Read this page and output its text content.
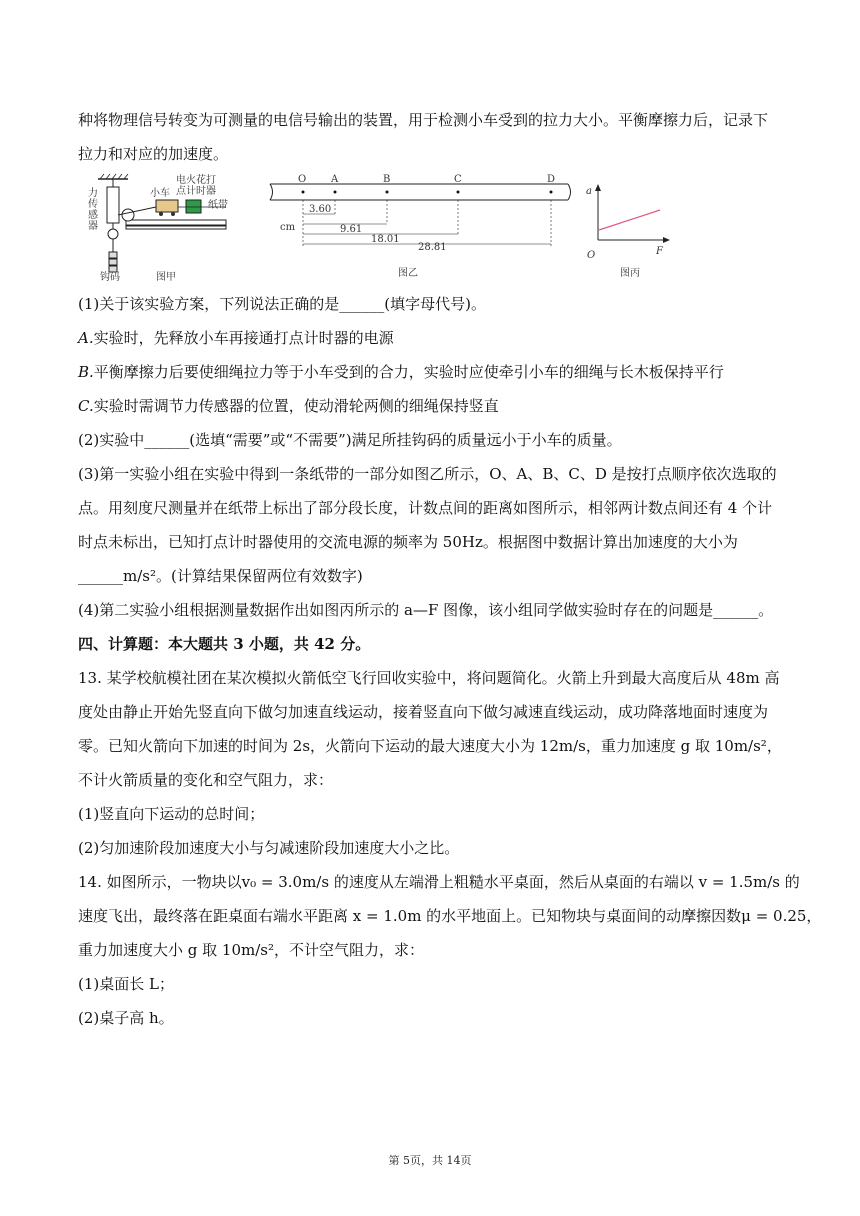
种将物理信号转变为可测量的电信号输出的装置，用于检测小车受到的拉力大小。平衡摩擦力后，记录下
拉力和对应的加速度。
力
传
感
器
小车
电火花打
点计时器
纸带
钩码	图甲
O A	B	C	D
cm
3.60
9.61
18.01
28.81
图乙
a
F
O
图丙
(1)关于该实验方案，下列说法正确的是______(填字母代号)。
A.实验时，先释放小车再接通打点计时器的电源
B.平衡摩擦力后要使细绳拉力等于小车受到的合力，实验时应使牵引小车的细绳与长木板保持平行
C.实验时需调节力传感器的位置，使动滑轮两侧的细绳保持竖直
(2)实验中______(选填“需要”或“不需要”)满足所挂钩码的质量远小于小车的质量。
(3)第一实验小组在实验中得到一条纸带的一部分如图乙所示，O、A、B、C、D 是按打点顺序依次选取的
点。用刻度尺测量并在纸带上标出了部分段长度，计数点间的距离如图所示，相邻两计数点间还有 4 个计
时点未标出，已知打点计时器使用的交流电源的频率为 50Hz。根据图中数据计算出加速度的大小为
______m/s²。(计算结果保留两位有效数字)
(4)第二实验小组根据测量数据作出如图丙所示的 a—F 图像，该小组同学做实验时存在的问题是______。
四、计算题：本大题共 3 小题，共 42 分。
13. 某学校航模社团在某次模拟火箭低空飞行回收实验中，将问题简化。火箭上升到最大高度后从 48m 高
度处由静止开始先竖直向下做匀加速直线运动，接着竖直向下做匀减速直线运动，成功降落地面时速度为
零。已知火箭向下加速的时间为 2s，火箭向下运动的最大速度大小为 12m/s，重力加速度 g 取 10m/s²，
不计火箭质量的变化和空气阻力，求：
(1)竖直向下运动的总时间；
(2)匀加速阶段加速度大小与匀减速阶段加速度大小之比。
14. 如图所示，一物块以v₀ = 3.0m/s 的速度从左端滑上粗糙水平桌面，然后从桌面的右端以 v = 1.5m/s 的
速度飞出，最终落在距桌面右端水平距离 x = 1.0m 的水平地面上。已知物块与桌面间的动摩擦因数μ = 0.25，
重力加速度大小 g 取 10m/s²，不计空气阻力，求：
(1)桌面长 L；
(2)桌子高 h。
第 5页，共 14页
